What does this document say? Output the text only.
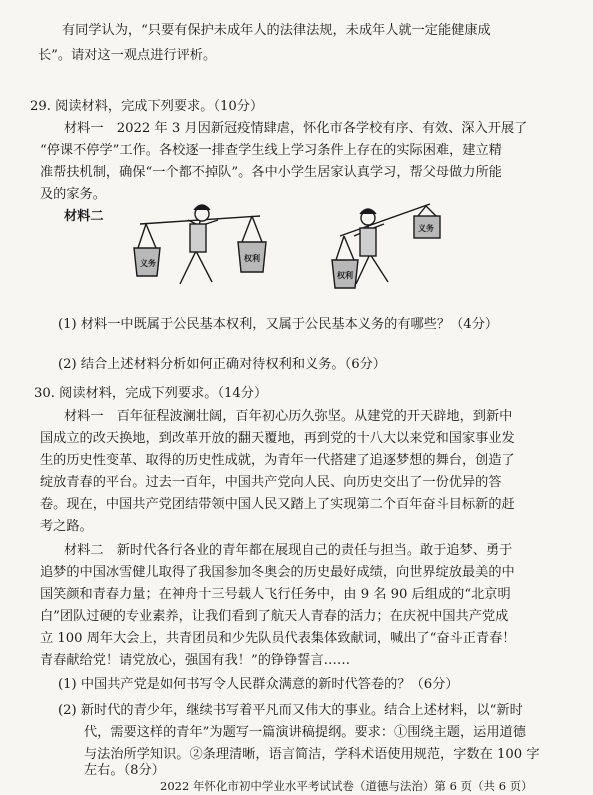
有同学认为，“只要有保护未成年人的法律法规，未成年人就一定能健康成
长”。请对这一观点进行评析。
29. 阅读材料，完成下列要求。（10分）
材料一　2022 年 3 月因新冠疫情肆虐，怀化市各学校有序、有效、深入开展了
“停课不停学”工作。各校逐一排查学生线上学习条件上存在的实际困难，建立精
准帮扶机制，确保“一个都不掉队”。各中小学生居家认真学习，帮父母做力所能
及的家务。
材料二
义务
权利
权利
义务
(1) 材料一中既属于公民基本权利，又属于公民基本义务的有哪些？（4分）
(2) 结合上述材料分析如何正确对待权利和义务。（6分）
30. 阅读材料，完成下列要求。（14分）
材料一　百年征程波澜壮阔，百年初心历久弥坚。从建党的开天辟地，到新中
国成立的改天换地，到改革开放的翻天覆地，再到党的十八大以来党和国家事业发
生的历史性变革、取得的历史性成就，为青年一代搭建了追逐梦想的舞台，创造了
绽放青春的平台。过去一百年，中国共产党向人民、向历史交出了一份优异的答
卷。现在，中国共产党团结带领中国人民又踏上了实现第二个百年奋斗目标新的赶
考之路。
材料二　新时代各行各业的青年都在展现自己的责任与担当。敢于追梦、勇于
追梦的中国冰雪健儿取得了我国参加冬奥会的历史最好成绩，向世界绽放最美的中
国笑颜和青春力量；在神舟十三号载人飞行任务中，由 9 名 90 后组成的“北京明
白”团队过硬的专业素养，让我们看到了航天人青春的活力；在庆祝中国共产党成
立 100 周年大会上，共青团员和少先队员代表集体致献词，喊出了“奋斗正青春！
青春献给党！请党放心，强国有我！”的铮铮誓言……
(1) 中国共产党是如何书写令人民群众满意的新时代答卷的？（6分）
(2) 新时代的青少年，继续书写着平凡而又伟大的事业。结合上述材料，以“新时
代，需要这样的青年”为题写一篇演讲稿提纲。要求：①围绕主题，运用道德
与法治所学知识。②条理清晰，语言简洁，学科术语使用规范，字数在 100 字
左右。（8分）
2022 年怀化市初中学业水平考试试卷（道德与法治）第 6 页（共 6 页）
